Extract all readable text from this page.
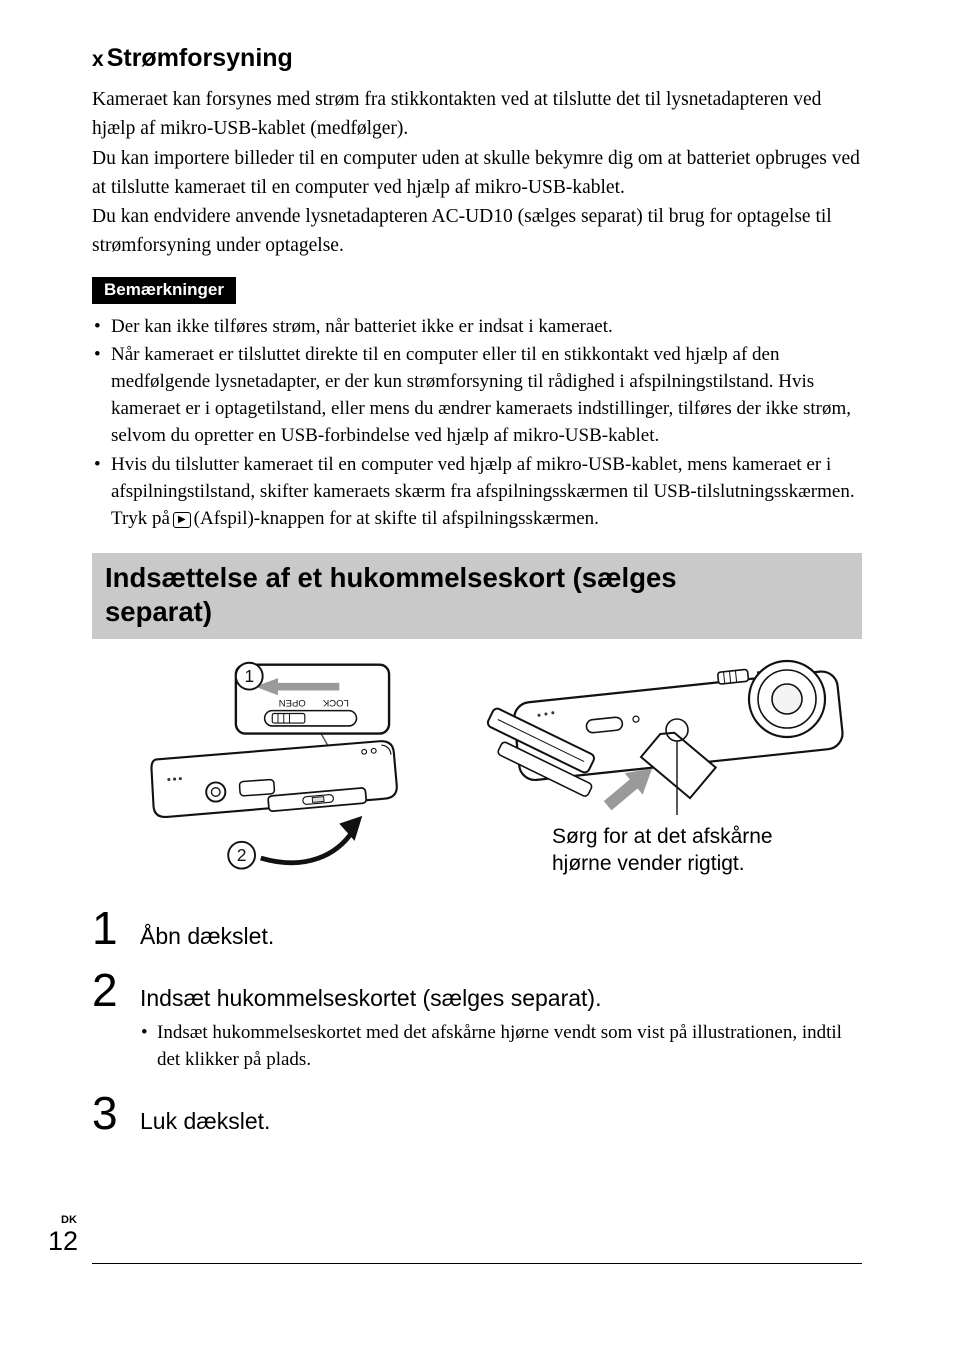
x Strømforsyning

Kameraet kan forsynes med strøm fra stikkontakten ved at tilslutte det til lysnetadapteren ved hjælp af mikro-USB-kablet (medfølger).

Du kan importere billeder til en computer uden at skulle bekymre dig om at batteriet opbruges ved at tilslutte kameraet til en computer ved hjælp af mikro-USB-kablet.

Du kan endvidere anvende lysnetadapteren AC-UD10 (sælges separat) til brug for optagelse til strømforsyning under optagelse.

Bemærkninger
• Der kan ikke tilføres strøm, når batteriet ikke er indsat i kameraet.
• Når kameraet er tilsluttet direkte til en computer eller til en stikkontakt ved hjælp af den medfølgende lysnetadapter, er der kun strømforsyning til rådighed i afspilningstilstand. Hvis kameraet er i optagetilstand, eller mens du ændrer kameraets indstillinger, tilføres der ikke strøm, selvom du opretter en USB-forbindelse ved hjælp af mikro-USB-kablet.
• Hvis du tilslutter kameraet til en computer ved hjælp af mikro-USB-kablet, mens kameraet er i afspilningstilstand, skifter kameraets skærm fra afspilningsskærmen til USB-tilslutningsskærmen. Tryk på ▶ (Afspil)-knappen for at skifte til afspilningsskærmen.
Indsættelse af et hukommelseskort (sælges separat)
LOCK
OPEN
1
2
Sørg for at det afskårne hjørne vender rigtigt.
1 Åbn dækslet.
2 Indsæt hukommelseskortet (sælges separat).
• Indsæt hukommelseskortet med det afskårne hjørne vendt som vist på illustrationen, indtil det klikker på plads.
3 Luk dækslet.
DK
12
